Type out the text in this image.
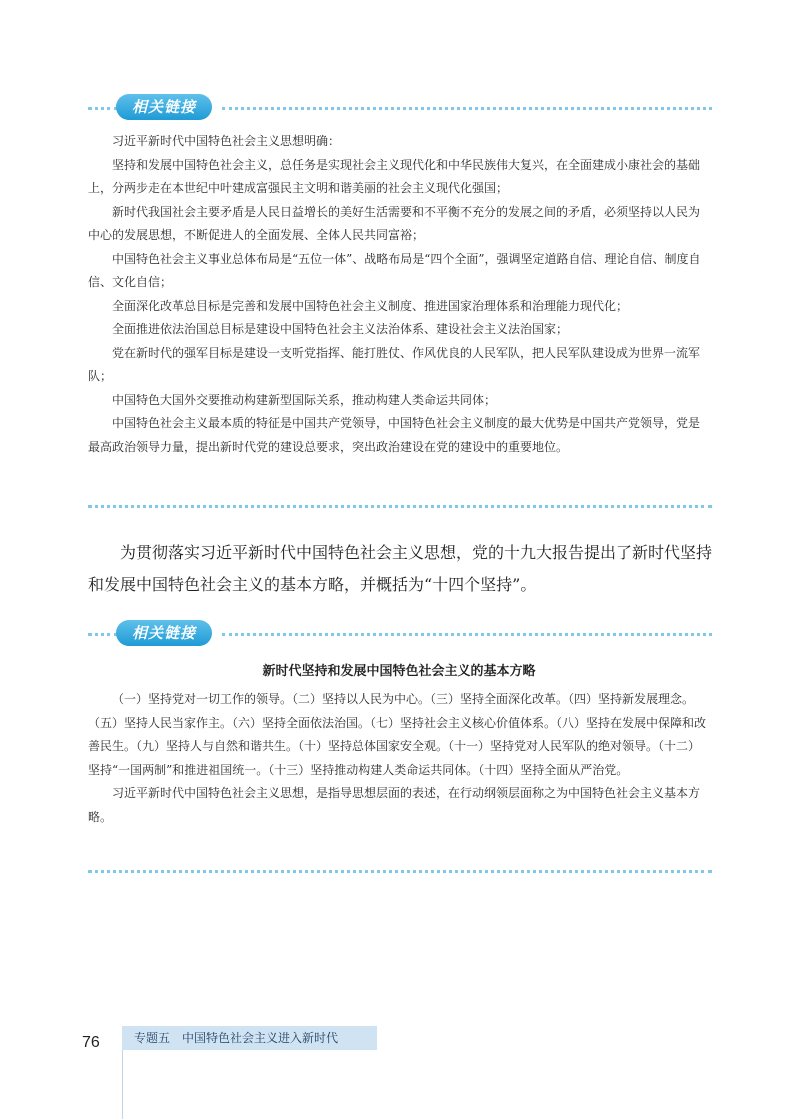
相关链接

习近平新时代中国特色社会主义思想明确：

坚持和发展中国特色社会主义，总任务是实现社会主义现代化和中华民族伟大复兴，在全面建成小康社会的基础上，分两步走在本世纪中叶建成富强民主文明和谐美丽的社会主义现代化强国；

新时代我国社会主要矛盾是人民日益增长的美好生活需要和不平衡不充分的发展之间的矛盾，必须坚持以人民为中心的发展思想，不断促进人的全面发展、全体人民共同富裕；

中国特色社会主义事业总体布局是“五位一体”、战略布局是“四个全面”，强调坚定道路自信、理论自信、制度自信、文化自信；

全面深化改革总目标是完善和发展中国特色社会主义制度、推进国家治理体系和治理能力现代化；

全面推进依法治国总目标是建设中国特色社会主义法治体系、建设社会主义法治国家；

党在新时代的强军目标是建设一支听党指挥、能打胜仗、作风优良的人民军队，把人民军队建设成为世界一流军队；

中国特色大国外交要推动构建新型国际关系，推动构建人类命运共同体；

中国特色社会主义最本质的特征是中国共产党领导，中国特色社会主义制度的最大优势是中国共产党领导，党是最高政治领导力量，提出新时代党的建设总要求，突出政治建设在党的建设中的重要地位。

为贯彻落实习近平新时代中国特色社会主义思想，党的十九大报告提出了新时代坚持和发展中国特色社会主义的基本方略，并概括为“十四个坚持”。

相关链接
新时代坚持和发展中国特色社会主义的基本方略

（一）坚持党对一切工作的领导。（二）坚持以人民为中心。（三）坚持全面深化改革。（四）坚持新发展理念。（五）坚持人民当家作主。（六）坚持全面依法治国。（七）坚持社会主义核心价值体系。（八）坚持在发展中保障和改善民生。（九）坚持人与自然和谐共生。（十）坚持总体国家安全观。（十一）坚持党对人民军队的绝对领导。（十二）坚持“一国两制”和推进祖国统一。（十三）坚持推动构建人类命运共同体。（十四）坚持全面从严治党。

习近平新时代中国特色社会主义思想，是指导思想层面的表述，在行动纲领层面称之为中国特色社会主义基本方略。

76	专题五 中国特色社会主义进入新时代
